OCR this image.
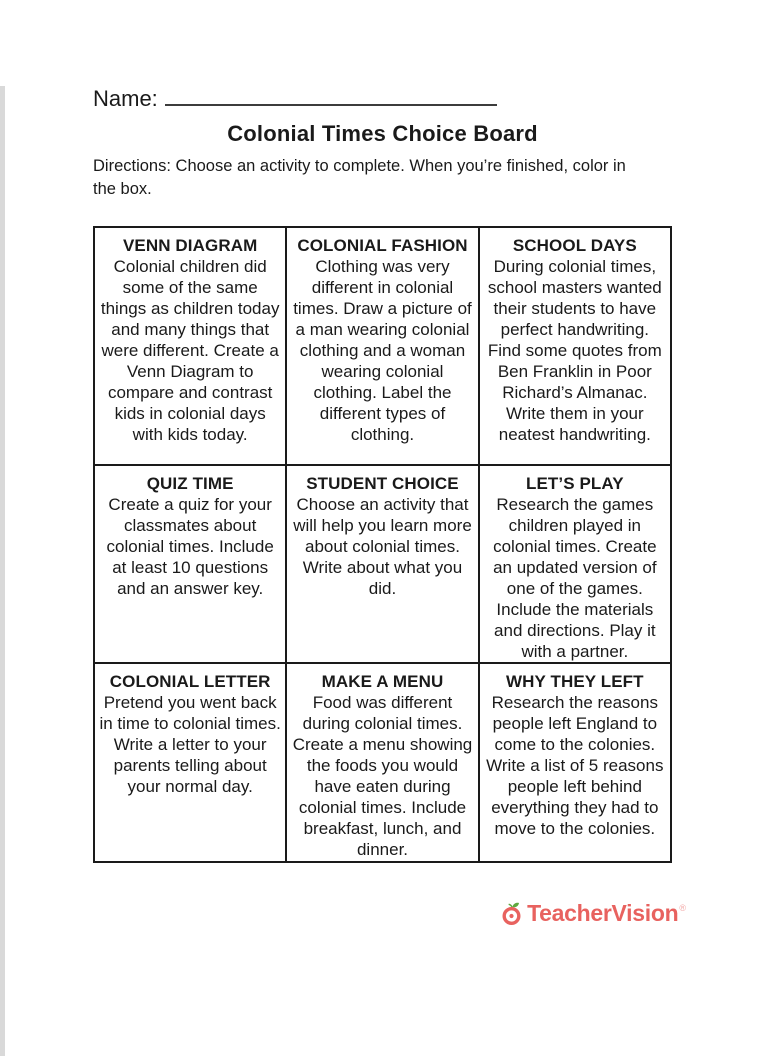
Name:
Colonial Times Choice Board
Directions: Choose an activity to complete. When you’re finished, color in
the box.
VENN DIAGRAM
Colonial children did some of the same things as children today and many things that were different. Create a Venn Diagram to compare and contrast kids in colonial days with kids today.

COLONIAL FASHION
Clothing was very different in colonial times. Draw a picture of a man wearing colonial clothing and a woman wearing colonial clothing. Label the different types of clothing.

SCHOOL DAYS
During colonial times, school masters wanted their students to have perfect handwriting. Find some quotes from Ben Franklin in Poor Richard’s Almanac. Write them in your neatest handwriting.

QUIZ TIME
Create a quiz for your classmates about colonial times. Include at least 10 questions and an answer key.

STUDENT CHOICE
Choose an activity that will help you learn more about colonial times. Write about what you did.

LET’S PLAY
Research the games children played in colonial times. Create an updated version of one of the games. Include the materials and directions. Play it with a partner.

COLONIAL LETTER
Pretend you went back in time to colonial times. Write a letter to your parents telling about your normal day.

MAKE A MENU
Food was different during colonial times. Create a menu showing the foods you would have eaten during colonial times. Include breakfast, lunch, and dinner.

WHY THEY LEFT
Research the reasons people left England to come to the colonies. Write a list of 5 reasons people left behind everything they had to move to the colonies.
TeacherVision ®
